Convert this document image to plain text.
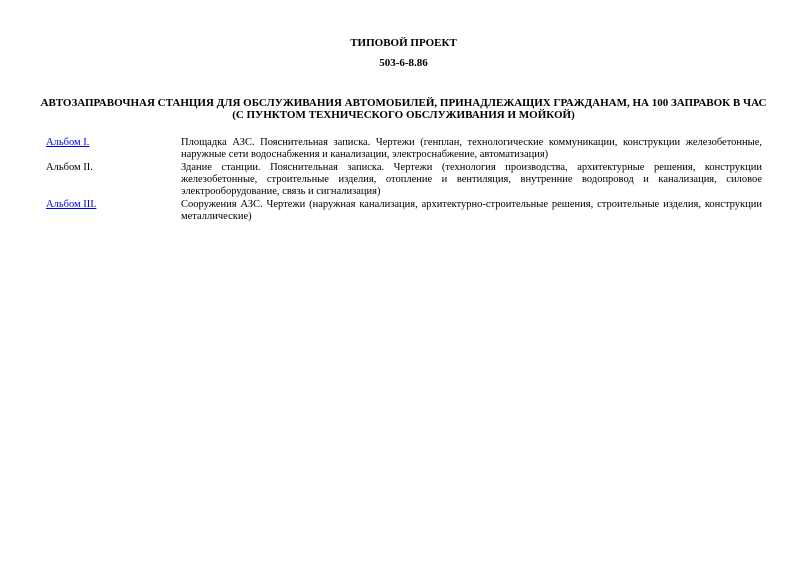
ТИПОВОЙ ПРОЕКТ
503-6-8.86
АВТОЗАПРАВОЧНАЯ СТАНЦИЯ ДЛЯ ОБСЛУЖИВАНИЯ АВТОМОБИЛЕЙ, ПРИНАДЛЕЖАЩИХ ГРАЖДАНАМ, НА 100 ЗАПРАВОК В ЧАС
(С ПУНКТОМ ТЕХНИЧЕСКОГО ОБСЛУЖИВАНИЯ И МОЙКОЙ)
Альбом I.	Площадка АЗС. Пояснительная записка. Чертежи (генплан, технологические коммуникации, конструкции железобетонные, наружные сети водоснабжения и канализации, электроснабжение, автоматизация)
Альбом II.	Здание станции. Пояснительная записка. Чертежи (технология производства, архитектурные решения, конструкции железобетонные, строительные изделия, отопление и вентиляция, внутренние водопровод и канализация, силовое электрооборудование, связь и сигнализация)
Альбом III.	Сооружения АЗС. Чертежи (наружная канализация, архитектурно-строительные решения, строительные изделия, конструкции металлические)
